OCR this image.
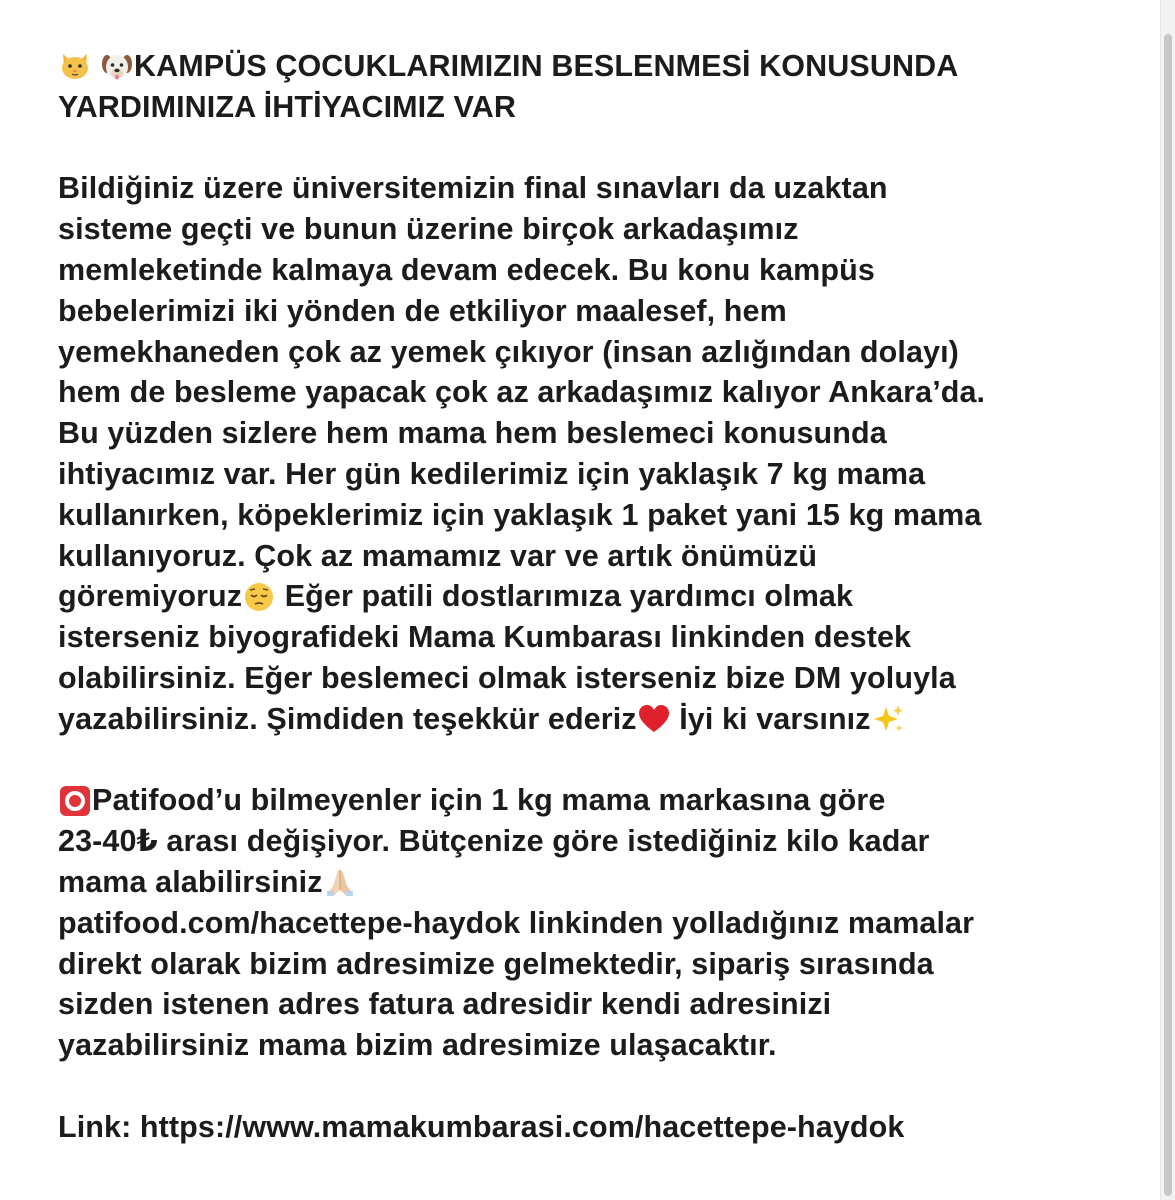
KAMPÜS ÇOCUKLARIMIZIN BESLENMESİ KONUSUNDA
YARDIMINIZA İHTİYACIMIZ VAR
Bildiğiniz üzere üniversitemizin final sınavları da uzaktan
sisteme geçti ve bunun üzerine birçok arkadaşımız
memleketinde kalmaya devam edecek. Bu konu kampüs
bebelerimizi iki yönden de etkiliyor maalesef, hem
yemekhaneden çok az yemek çıkıyor (insan azlığından dolayı)
hem de besleme yapacak çok az arkadaşımız kalıyor Ankara’da.
Bu yüzden sizlere hem mama hem beslemeci konusunda
ihtiyacımız var. Her gün kedilerimiz için yaklaşık 7 kg mama
kullanırken, köpeklerimiz için yaklaşık 1 paket yani 15 kg mama
kullanıyoruz. Çok az mamamız var ve artık önümüzü
göremiyoruz Eğer patili dostlarımıza yardımcı olmak
isterseniz biyografideki Mama Kumbarası linkinden destek
olabilirsiniz. Eğer beslemeci olmak isterseniz bize DM yoluyla
yazabilirsiniz. Şimdiden teşekkür ederiz İyi ki varsınız
Patifood’u bilmeyenler için 1 kg mama markasına göre
23-40₺ arası değişiyor. Bütçenize göre istediğiniz kilo kadar
mama alabilirsiniz
patifood.com/hacettepe-haydok linkinden yolladığınız mamalar
direkt olarak bizim adresimize gelmektedir, sipariş sırasında
sizden istenen adres fatura adresidir kendi adresinizi
yazabilirsiniz mama bizim adresimize ulaşacaktır.
Link: https://www.mamakumbarasi.com/hacettepe-haydok
